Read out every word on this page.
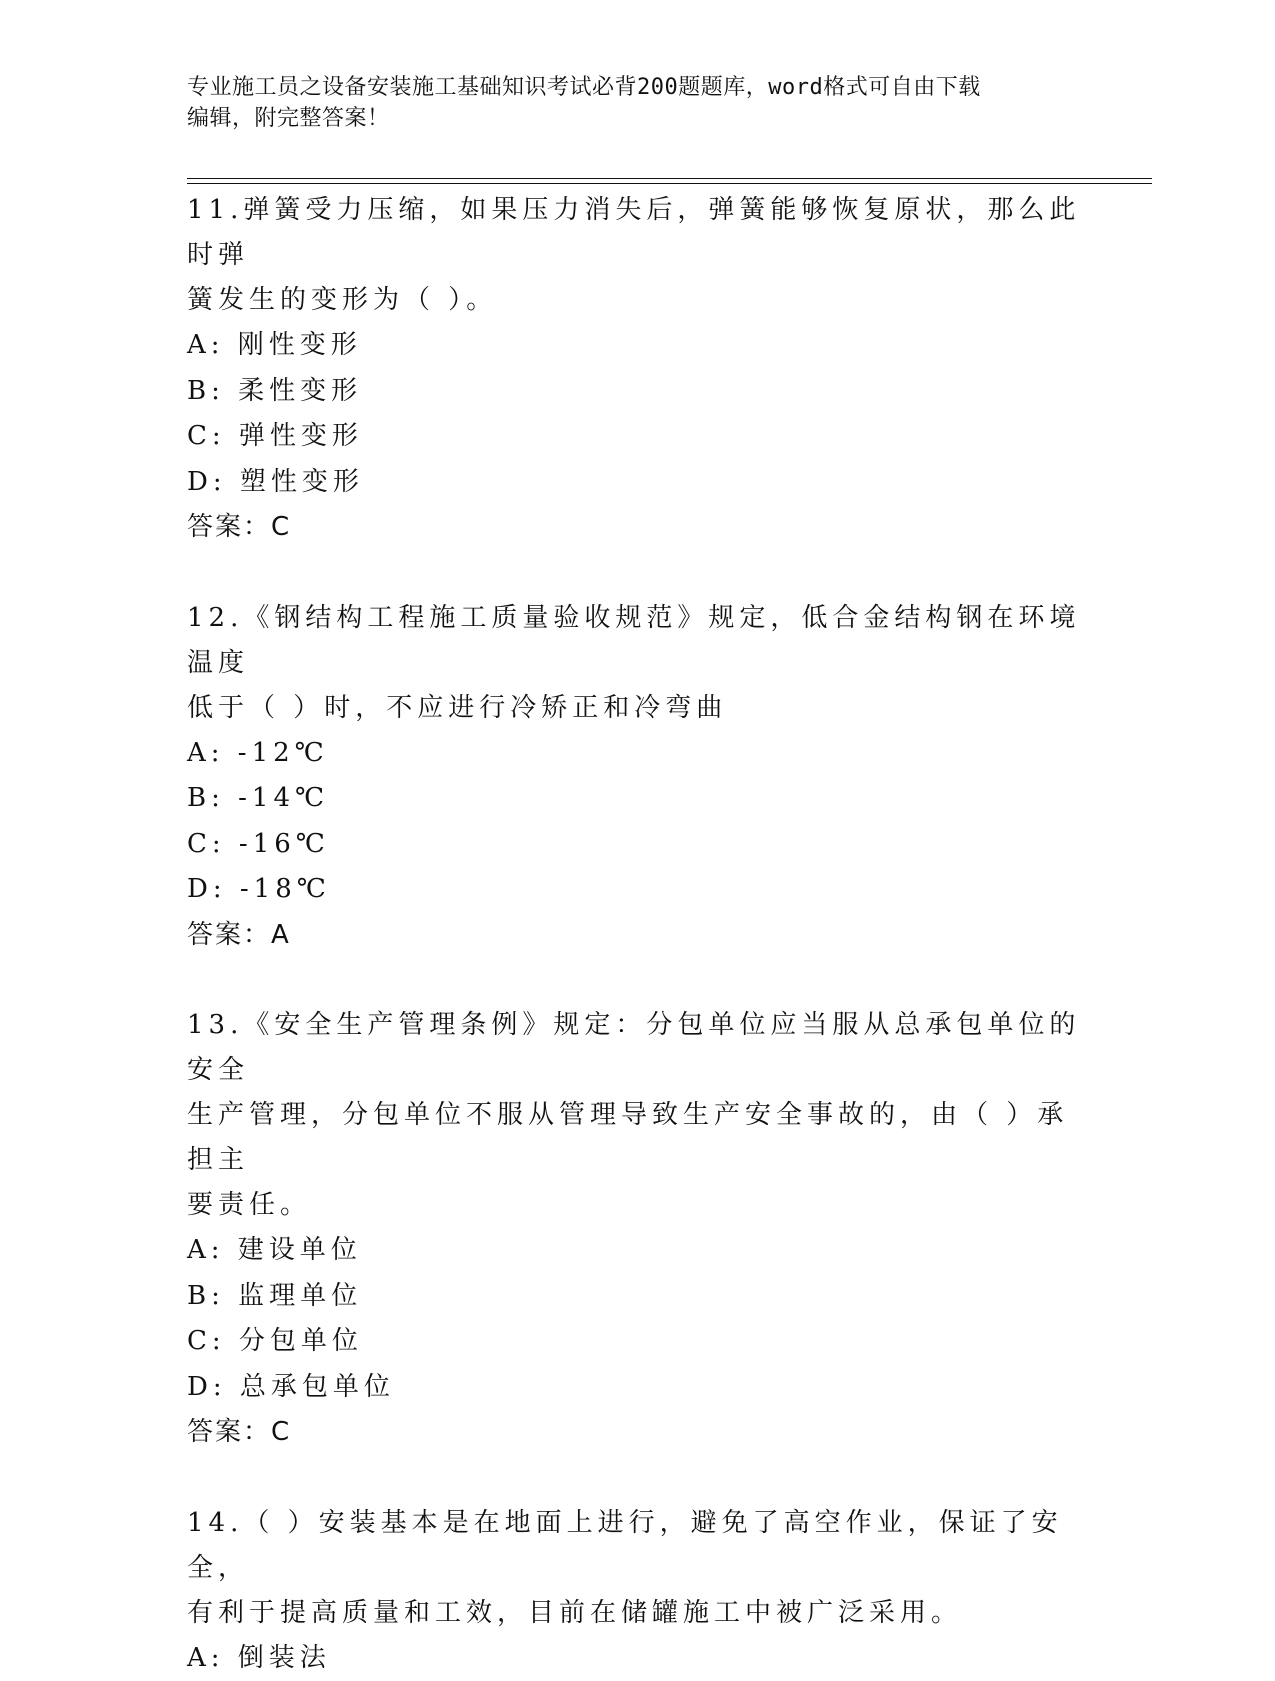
专业施工员之设备安装施工基础知识考试必背200题题库，word格式可自由下载
编辑，附完整答案！
11.弹簧受力压缩，如果压力消失后，弹簧能够恢复原状，那么此时弹
簧发生的变形为（ ）。
A: 刚性变形
B: 柔性变形
C: 弹性变形
D: 塑性变形
答案：C
12.《钢结构工程施工质量验收规范》规定，低合金结构钢在环境温度
低于（ ）时，不应进行冷矫正和冷弯曲
A: -12℃
B: -14℃
C: -16℃
D: -18℃
答案：A
13.《安全生产管理条例》规定：分包单位应当服从总承包单位的安全
生产管理，分包单位不服从管理导致生产安全事故的，由（ ）承担主
要责任。
A: 建设单位
B: 监理单位
C: 分包单位
D: 总承包单位
答案：C
14.（ ）安装基本是在地面上进行，避免了高空作业，保证了安全，
有利于提高质量和工效，目前在储罐施工中被广泛采用。
A: 倒装法
